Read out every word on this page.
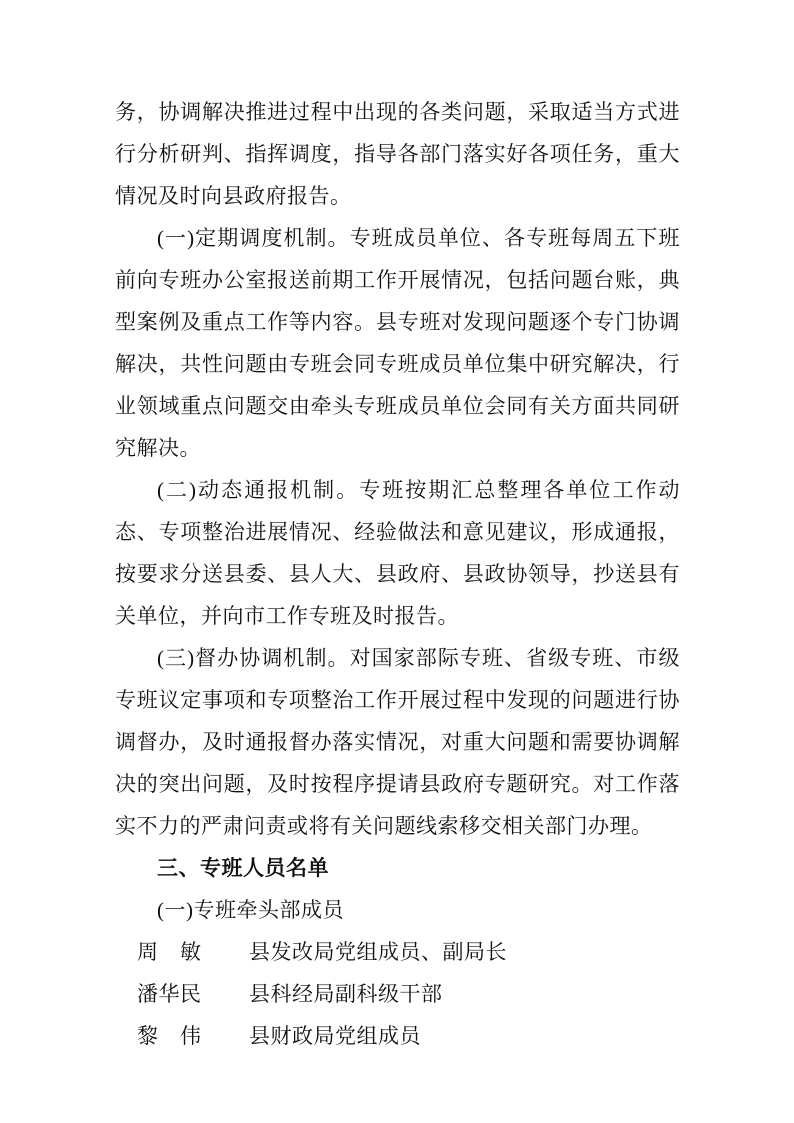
务，协调解决推进过程中出现的各类问题，采取适当方式进行分析研判、指挥调度，指导各部门落实好各项任务，重大情况及时向县政府报告。

(一)定期调度机制。专班成员单位、各专班每周五下班前向专班办公室报送前期工作开展情况，包括问题台账，典型案例及重点工作等内容。县专班对发现问题逐个专门协调解决，共性问题由专班会同专班成员单位集中研究解决，行业领域重点问题交由牵头专班成员单位会同有关方面共同研究解决。

(二)动态通报机制。专班按期汇总整理各单位工作动态、专项整治进展情况、经验做法和意见建议，形成通报，按要求分送县委、县人大、县政府、县政协领导，抄送县有关单位，并向市工作专班及时报告。

(三)督办协调机制。对国家部际专班、省级专班、市级专班议定事项和专项整治工作开展过程中发现的问题进行协调督办，及时通报督办落实情况，对重大问题和需要协调解决的突出问题，及时按程序提请县政府专题研究。对工作落实不力的严肃问责或将有关问题线索移交相关部门办理。

三、专班人员名单

(一)专班牵头部成员

周　敏	县发改局党组成员、副局长
潘华民	县科经局副科级干部
黎　伟	县财政局党组成员
